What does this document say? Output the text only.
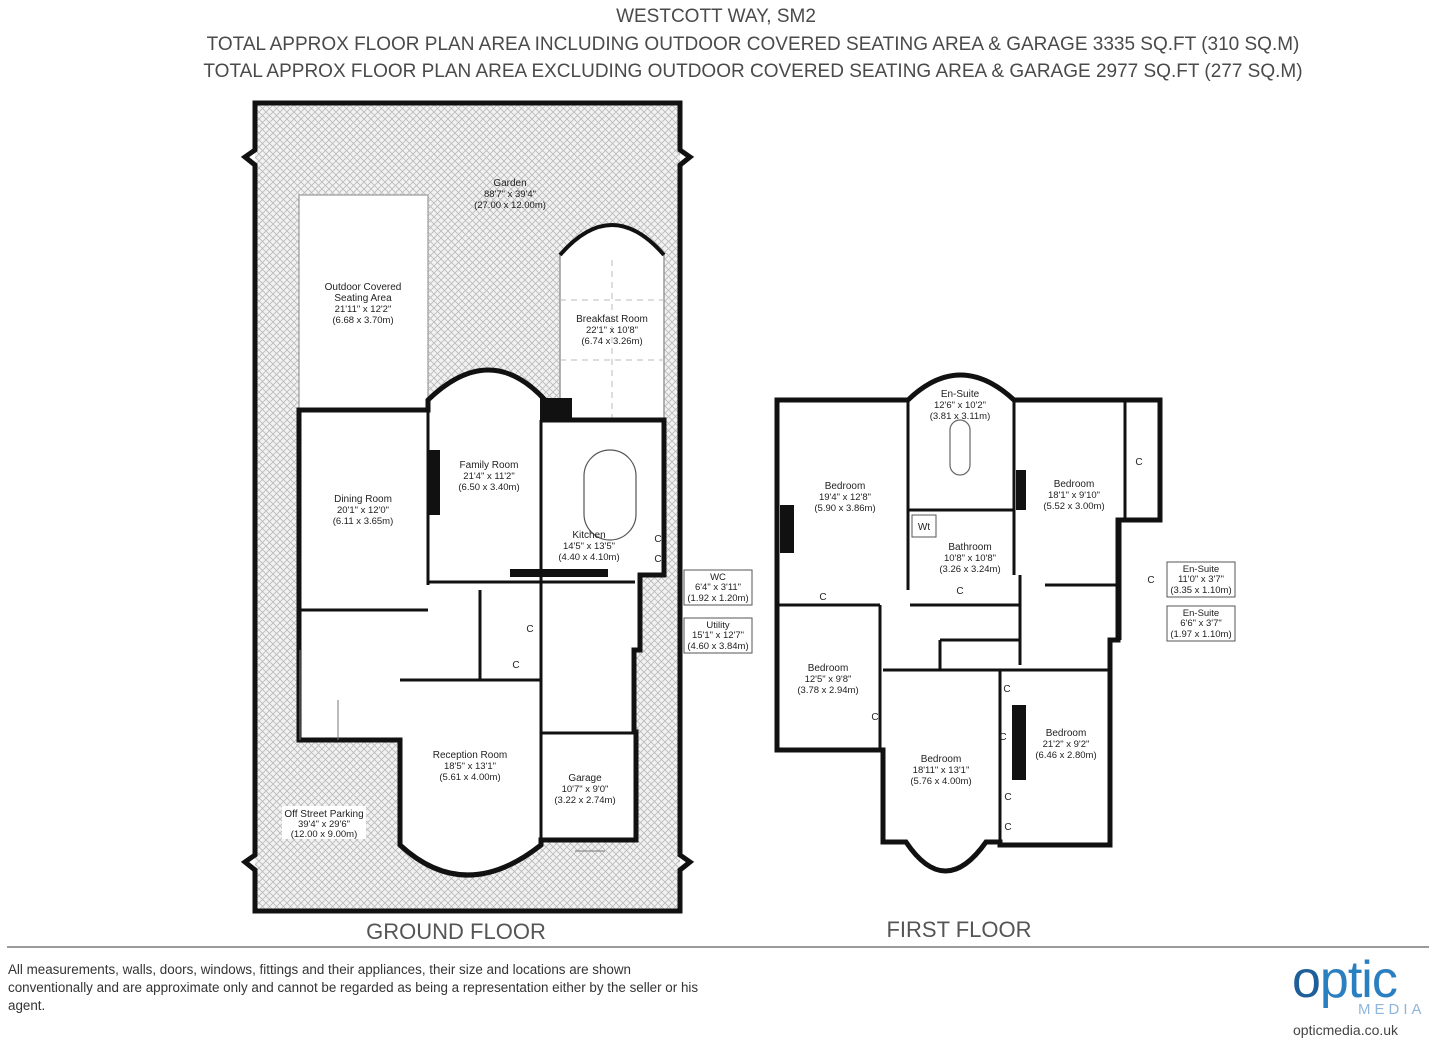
WESTCOTT WAY, SM2
TOTAL APPROX FLOOR PLAN AREA INCLUDING OUTDOOR COVERED SEATING AREA & GARAGE 3335 SQ.FT (310 SQ.M)
TOTAL APPROX FLOOR PLAN AREA EXCLUDING OUTDOOR COVERED SEATING AREA & GARAGE 2977 SQ.FT (277 SQ.M)
Garden
88'7" x 39'4"
(27.00 x 12.00m)
Outdoor Covered
Seating Area
21'11" x 12'2"
(6.68 x 3.70m)	Breakfast Room
22'1" x 10'8"
(6.74 x 3.26m)
Family Room
21'4" x 11'2"
(6.50 x 3.40m)
Dining Room
20'1" x 12'0"
(6.11 x 3.65m)
Kitchen
14'5" x 13'5"
(4.40 x 4.10m)
Reception Room
18'5" x 13'1"
(5.61 x 4.00m)	Garage
10'7" x 9'0"
(3.22 x 2.74m)
Off Street Parking
39'4" x 29'6"
(12.00 x 9.00m)
WC
6'4" x 3'11"
(1.92 x 1.20m)
Utility
15'1" x 12'7"
(4.60 x 3.84m)
C
C
C
C
GROUND FLOOR
En-Suite
12'6" x 10'2"
(3.81 x 3.11m)
Bedroom
19'4" x 12'8"
(5.90 x 3.86m)
Bedroom
18'1" x 9'10"
(5.52 x 3.00m)
Bathroom
10'8" x 10'8"
(3.26 x 3.24m)
Wt
En-Suite
11'0" x 3'7"
(3.35 x 1.10m)
En-Suite
6'6" x 3'7"
(1.97 x 1.10m)
Bedroom
12'5" x 9'8"
(3.78 x 2.94m)
Bedroom
18'11" x 13'1"
(5.76 x 4.00m)
Bedroom
21'2" x 9'2"
(6.46 x 2.80m)
C
C
C
C
C
C
C
C
C
FIRST FLOOR
All measurements, walls, doors, windows, fittings and their appliances, their size and locations are shown conventionally and are approximate only and cannot be regarded as being a representation either by the seller or his agent.	optic
MEDIA
opticmedia.co.uk
